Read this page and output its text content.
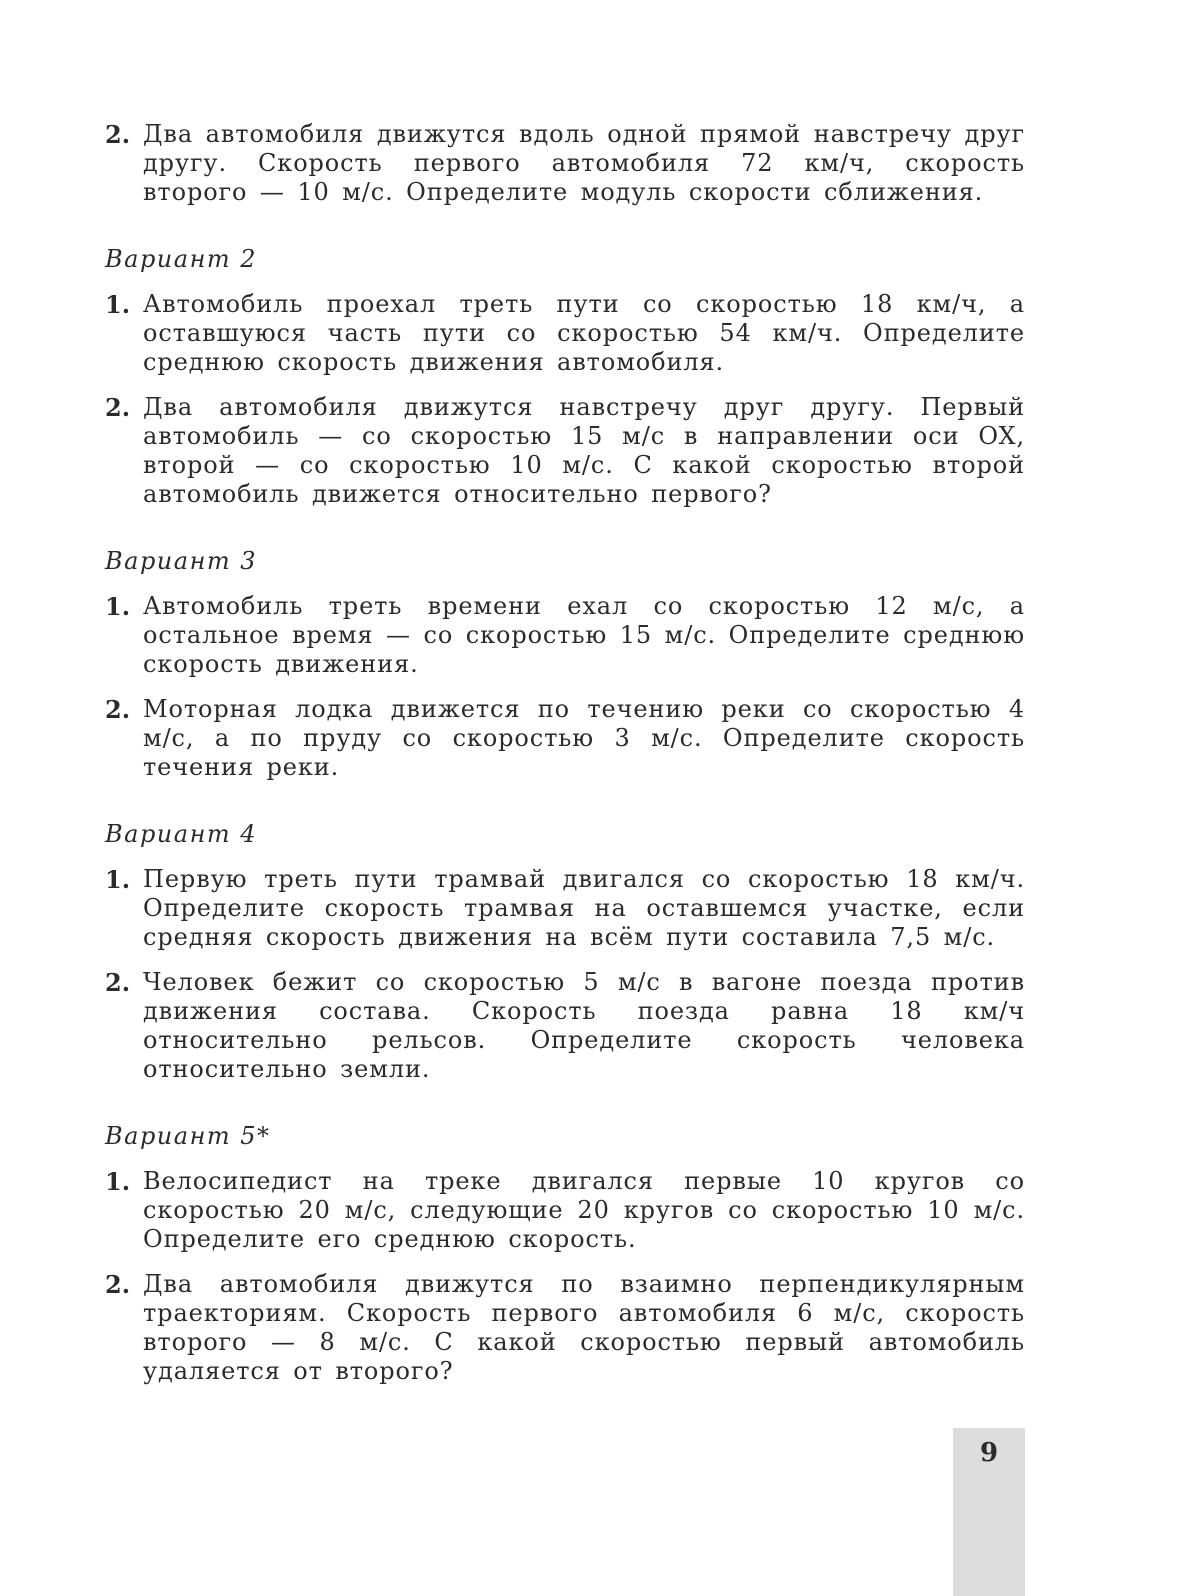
2. Два автомобиля движутся вдоль одной прямой навстречу друг другу. Скорость первого автомобиля 72 км/ч, скорость второго — 10 м/с. Определите модуль скорости сближения.
Вариант 2
1. Автомобиль проехал треть пути со скоростью 18 км/ч, а оставшуюся часть пути со скоростью 54 км/ч. Определите среднюю скорость движения автомобиля.
2. Два автомобиля движутся навстречу друг другу. Первый автомобиль — со скоростью 15 м/с в направлении оси OX, второй — со скоростью 10 м/с. С какой скоростью второй автомобиль движется относительно первого?
Вариант 3
1. Автомобиль треть времени ехал со скоростью 12 м/с, а остальное время — со скоростью 15 м/с. Определите среднюю скорость движения.
2. Моторная лодка движется по течению реки со скоростью 4 м/с, а по пруду со скоростью 3 м/с. Определите скорость течения реки.
Вариант 4
1. Первую треть пути трамвай двигался со скоростью 18 км/ч. Определите скорость трамвая на оставшемся участке, если средняя скорость движения на всём пути составила 7,5 м/с.
2. Человек бежит со скоростью 5 м/с в вагоне поезда против движения состава. Скорость поезда равна 18 км/ч относительно рельсов. Определите скорость человека относительно земли.
Вариант 5*
1. Велосипедист на треке двигался первые 10 кругов со скоростью 20 м/с, следующие 20 кругов со скоростью 10 м/с. Определите его среднюю скорость.
2. Два автомобиля движутся по взаимно перпендикулярным траекториям. Скорость первого автомобиля 6 м/с, скорость второго — 8 м/с. С какой скоростью первый автомобиль удаляется от второго?
9
